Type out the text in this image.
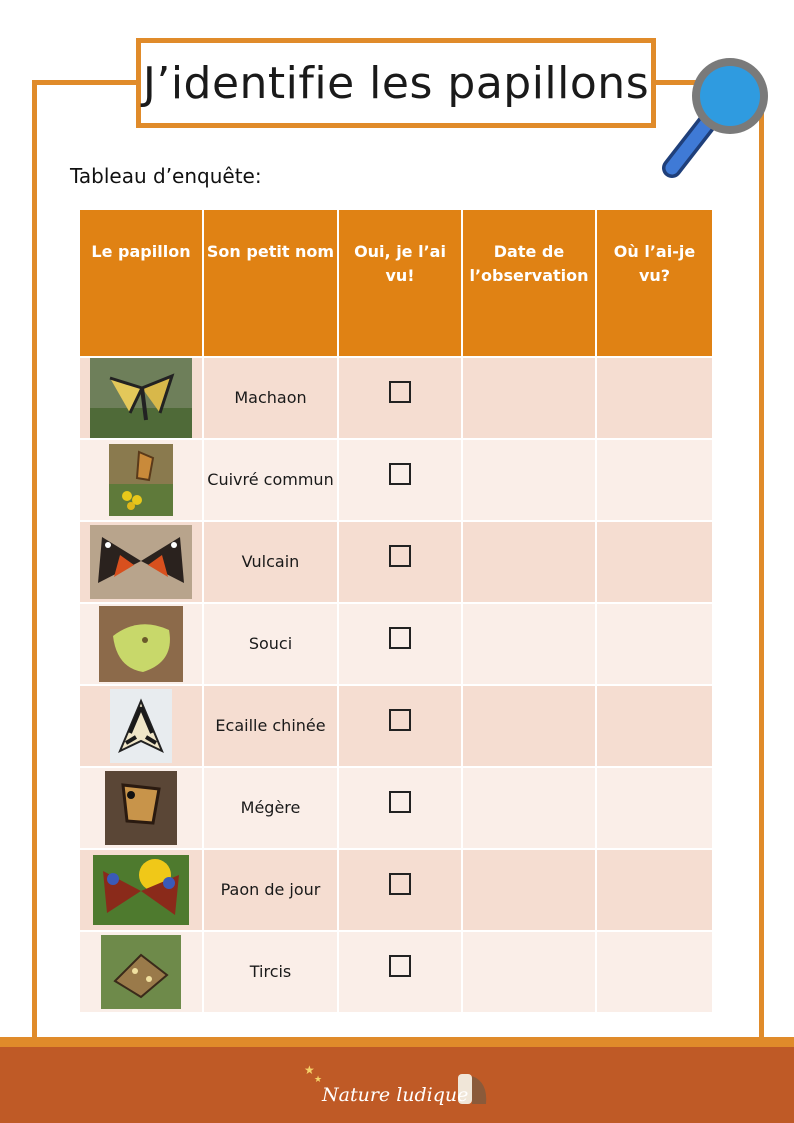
J’identifie les papillons
Tableau d’enquête:
Le papillon	Son petit nom	Oui, je l’ai vu!	Date de l’observation	Où l’ai-je vu?
	Machaon			
	Cuivré commun			
	Vulcain			
	Souci			
	Ecaille chinée			
	Mégère			
	Paon de jour			
	Tircis			
★
★
Nature ludique
